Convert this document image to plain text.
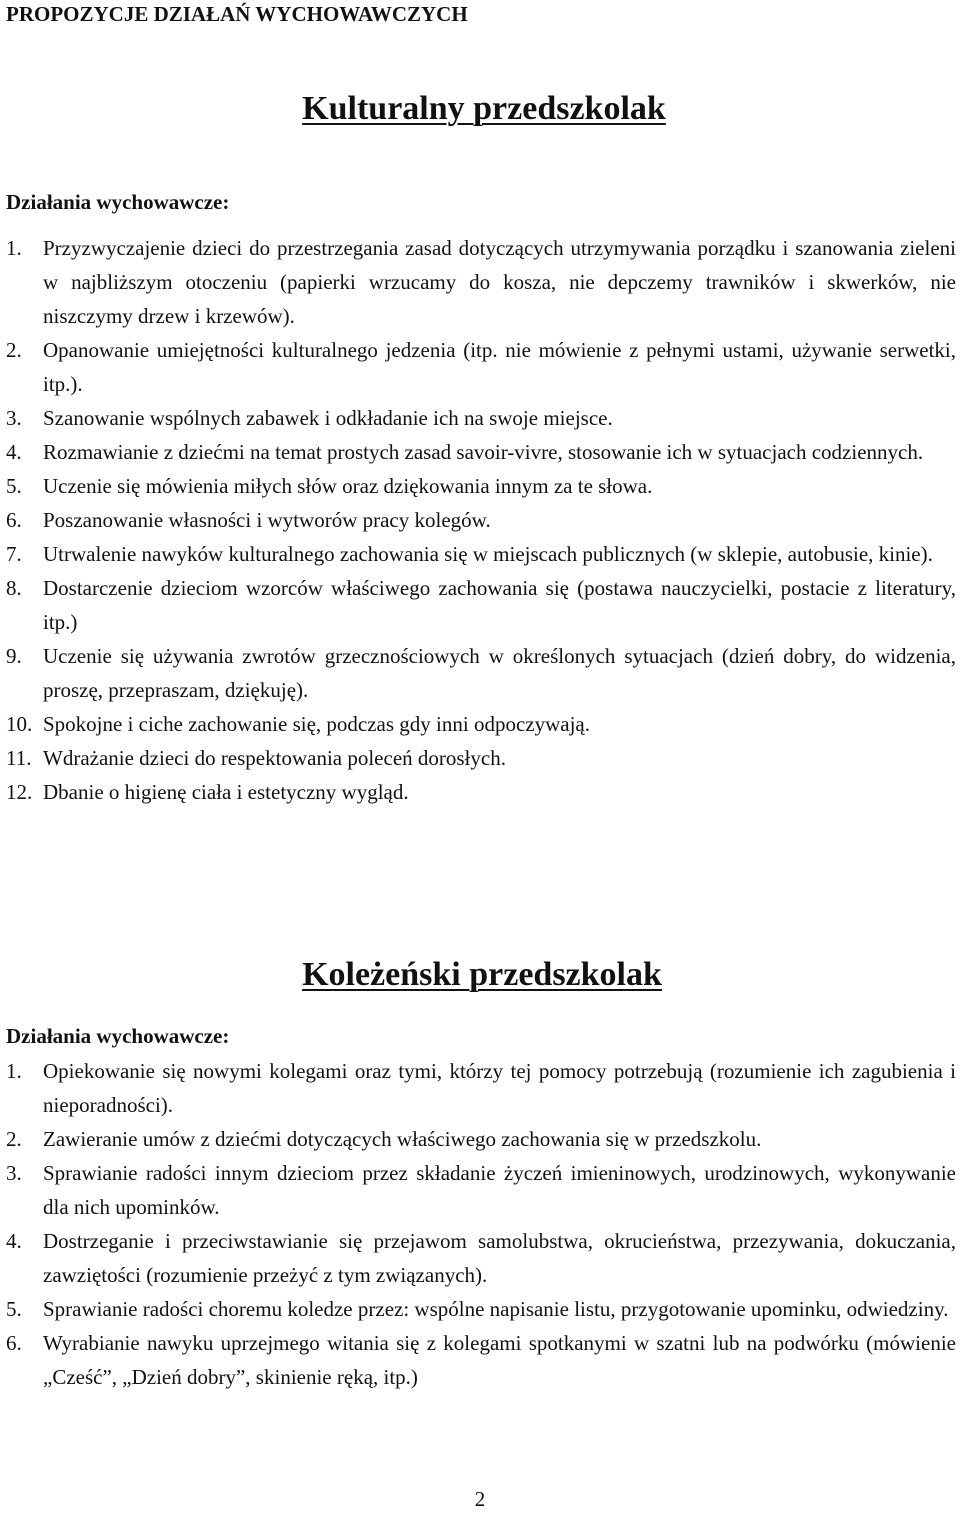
PROPOZYCJE DZIAŁAŃ WYCHOWAWCZYCH
Kulturalny przedszkolak
Działania wychowawcze:
1. Przyzwyczajenie dzieci do przestrzegania zasad dotyczących utrzymywania porządku i szanowania zieleni w najbliższym otoczeniu (papierki wrzucamy do kosza, nie depczemy trawników i skwerków, nie niszczymy drzew i krzewów).
2. Opanowanie umiejętności kulturalnego jedzenia (itp. nie mówienie z pełnymi ustami, używanie serwetki, itp.).
3. Szanowanie wspólnych zabawek i odkładanie ich na swoje miejsce.
4. Rozmawianie z dziećmi na temat prostych zasad savoir-vivre, stosowanie ich w sytuacjach codziennych.
5. Uczenie się mówienia miłych słów oraz dziękowania innym za te słowa.
6. Poszanowanie własności i wytworów pracy kolegów.
7. Utrwalenie nawyków kulturalnego zachowania się w miejscach publicznych (w sklepie, autobusie, kinie).
8. Dostarczenie dzieciom wzorców właściwego zachowania się (postawa nauczycielki, postacie z literatury, itp.)
9. Uczenie się używania zwrotów grzecznościowych w określonych sytuacjach (dzień dobry, do widzenia, proszę, przepraszam, dziękuję).
10. Spokojne i ciche zachowanie się, podczas gdy inni odpoczywają.
11. Wdrażanie dzieci do respektowania poleceń dorosłych.
12. Dbanie o higienę ciała i estetyczny wygląd.
Koleżeński przedszkolak
Działania wychowawcze:
1. Opiekowanie się nowymi kolegami oraz tymi, którzy tej pomocy potrzebują (rozumienie ich zagubienia i nieporadności).
2. Zawieranie umów z dziećmi dotyczących właściwego zachowania się w przedszkolu.
3. Sprawianie radości innym dzieciom przez składanie życzeń imieninowych, urodzinowych, wykonywanie dla nich upominków.
4. Dostrzeganie i przeciwstawianie się przejawom samolubstwa, okrucieństwa, przezywania, dokuczania, zawziętości (rozumienie przeżyć z tym związanych).
5. Sprawianie radości choremu koledze przez: wspólne napisanie listu, przygotowanie upominku, odwiedziny.
6. Wyrabianie nawyku uprzejmego witania się z kolegami spotkanymi w szatni lub na podwórku (mówienie „Cześć”, „Dzień dobry”, skinienie ręką, itp.)
2
